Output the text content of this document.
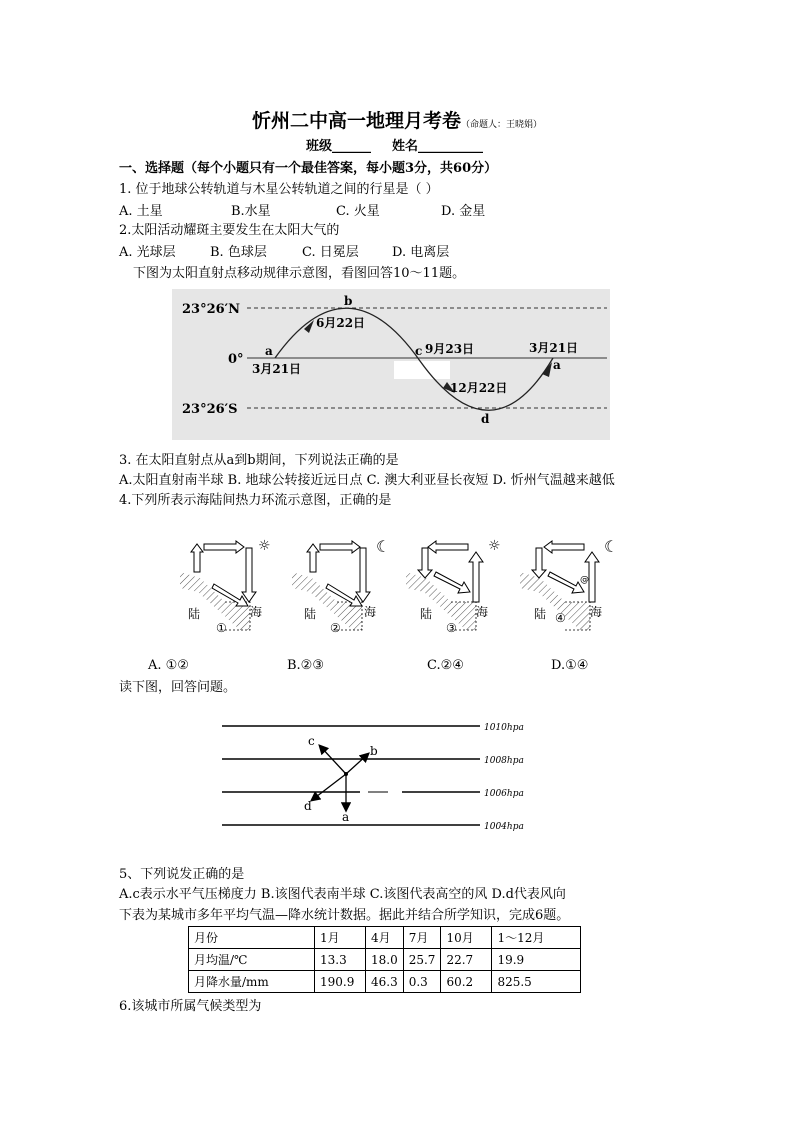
忻州二中高一地理月考卷（命题人：王晓娟）
班级______ 姓名__________
一、选择题（每个小题只有一个最佳答案，每小题3分，共60分）
1. 位于地球公转轨道与木星公转轨道之间的行星是（ ）
A. 土星	B.水星	C. 火星	D. 金星
2.太阳活动耀斑主要发生在太阳大气的
A. 光球层	B. 色球层	C. 日冕层	D. 电离层
下图为太阳直射点移动规律示意图，看图回答10～11题。
23°26′N
0°
23°26′S
a
3月21日
b
6月22日
c 9月23日
12月22日
d
3月21日
a
3. 在太阳直射点从a到b期间，下列说法正确的是
A.太阳直射南半球 B. 地球公转接近远日点 C. 澳大利亚昼长夜短 D. 忻州气温越来越低
4.下列所表示海陆间热力环流示意图，正确的是
☼
陆	海
①
☾
陆	海
②
☼
陆	海
③
@
☾
陆	海
④
A. ①②	B.②③	C.②④	D.①④
读下图，回答问题。
1010hpa
1008hpa
1006hpa
1004hpa
a
b
c
d
5、下列说发正确的是
A.c表示水平气压梯度力 B.该图代表南半球 C.该图代表高空的风 D.d代表风向
下表为某城市多年平均气温—降水统计数据。据此并结合所学知识，完成6题。
月份	1月	4月	7月	10月	1～12月
月均温/℃	13.3	18.0	25.7	22.7	19.9
月降水量/mm	190.9	46.3	0.3	60.2	825.5
6.该城市所属气候类型为
